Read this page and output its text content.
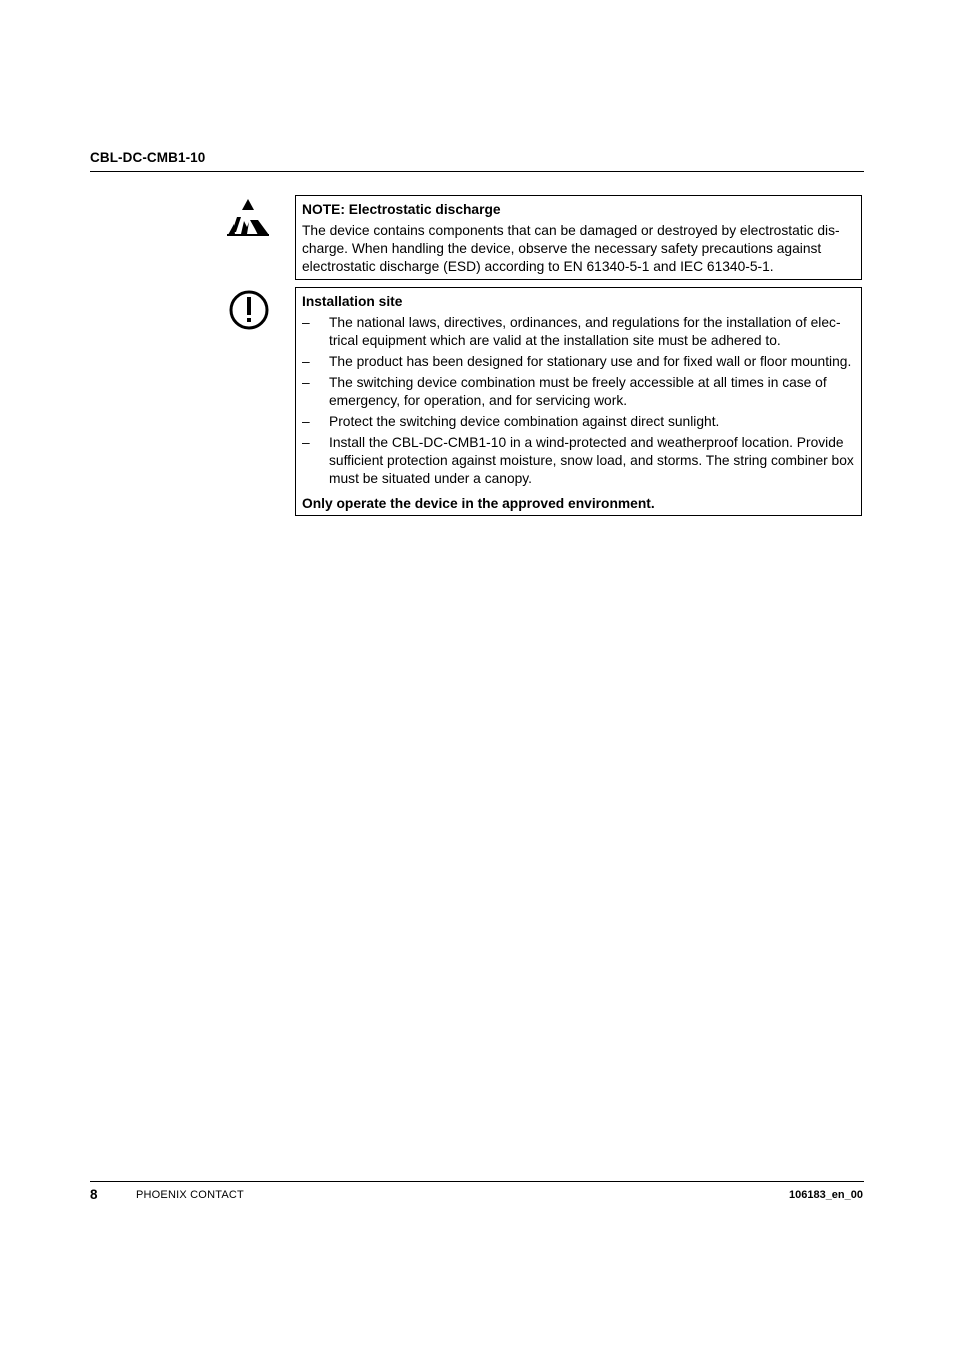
CBL-DC-CMB1-10
NOTE: Electrostatic discharge

The device contains components that can be damaged or destroyed by electrostatic dis-charge. When handling the device, observe the necessary safety precautions against electrostatic discharge (ESD) according to EN 61340-5-1 and IEC 61340-5-1.

Installation site
– The national laws, directives, ordinances, and regulations for the installation of elec-trical equipment which are valid at the installation site must be adhered to.
– The product has been designed for stationary use and for fixed wall or floor mounting.
– The switching device combination must be freely accessible at all times in case of emergency, for operation, and for servicing work.
– Protect the switching device combination against direct sunlight.
– Install the CBL-DC-CMB1-10 in a wind-protected and weatherproof location. Provide sufficient protection against moisture, snow load, and storms. The string combiner box must be situated under a canopy.
Only operate the device in the approved environment.
8	PHOENIX CONTACT	106183_en_00
